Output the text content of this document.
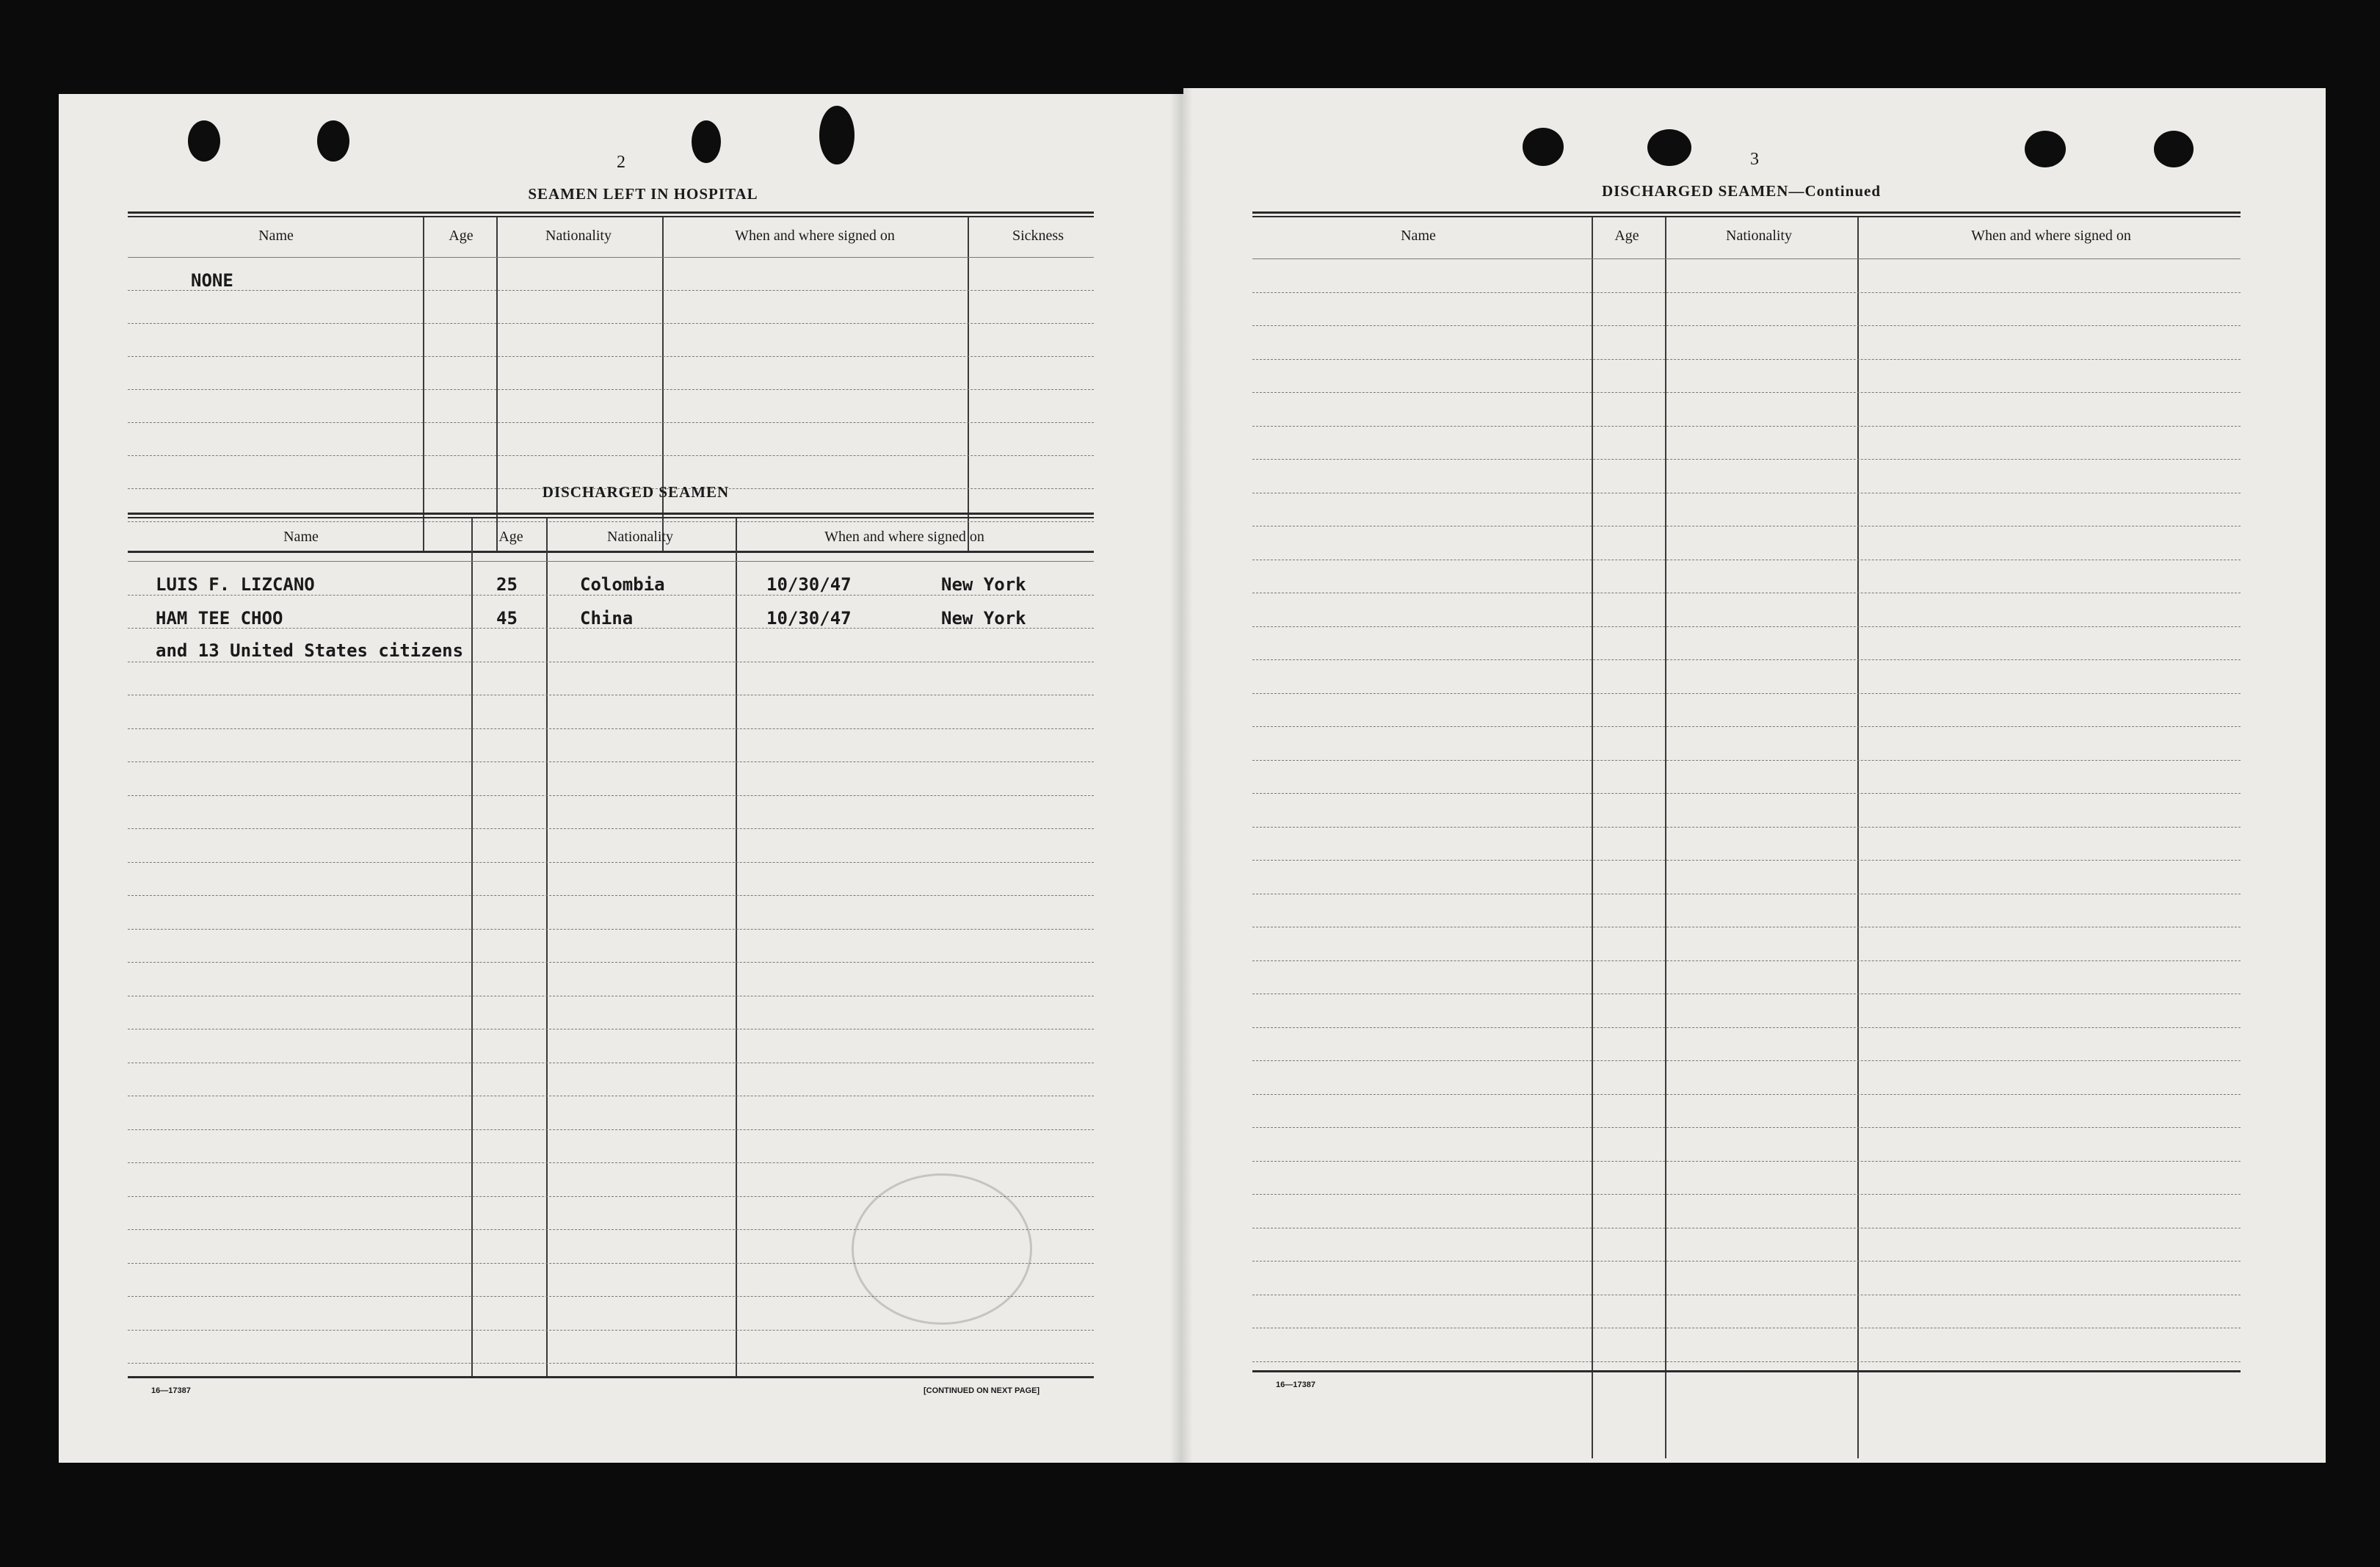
2
SEAMEN LEFT IN HOSPITAL
Name	Age	Nationality	When and where signed on	Sickness
NONE
DISCHARGED SEAMEN
Name	Age	Nationality	When and where signed on
LUIS F. LIZCANO	25	Colombia	10/30/47	New York
HAM TEE CHOO	45	China	10/30/47	New York
and 13 United States citizens
16—17387	[CONTINUED ON NEXT PAGE]
3
DISCHARGED SEAMEN—Continued
Name	Age	Nationality	When and where signed on
16—17387
